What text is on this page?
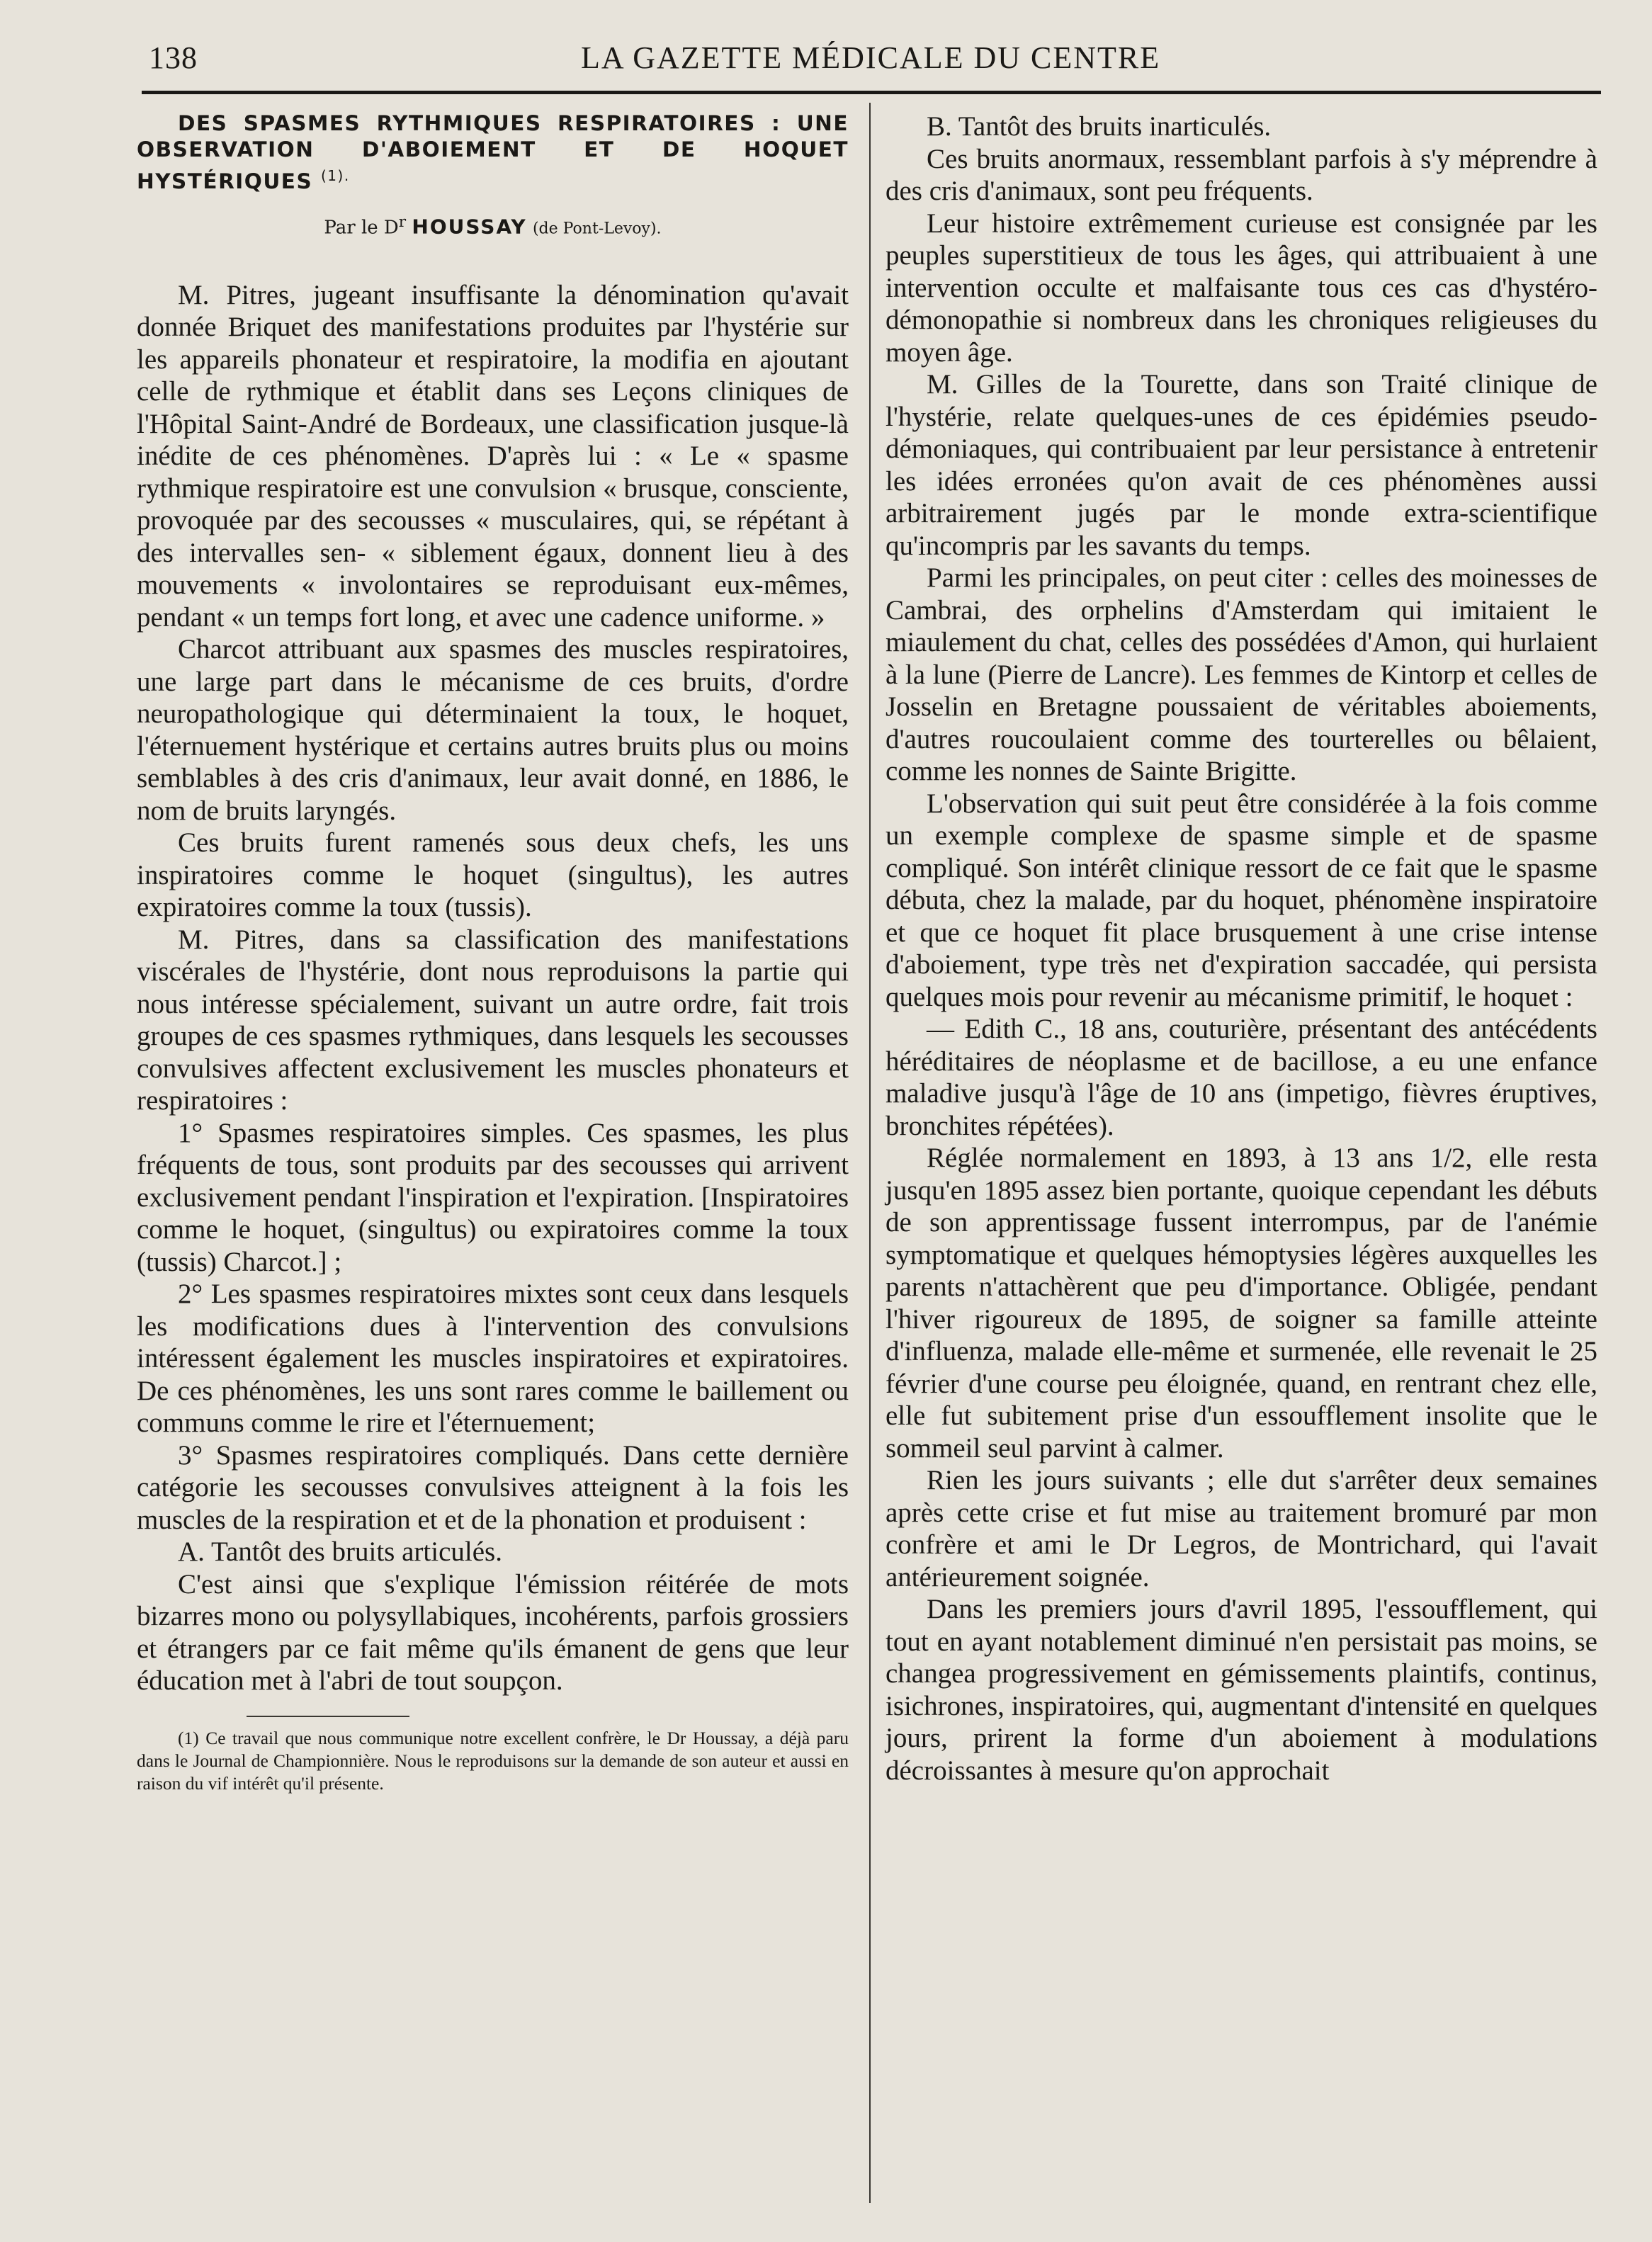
138	LA GAZETTE MÉDICALE DU CENTRE

DES SPASMES RYTHMIQUES RESPIRATOIRES : UNE OBSERVATION D'ABOIEMENT ET DE HOQUET HYSTÉRIQUES $^{(1).}$

Par le $D^r$ HOUSSAY (de Pont-Levoy).

M. Pitres, jugeant insuffisante la dénomination qu'avait donnée Briquet des manifestations produites par l'hystérie sur les appareils phonateur et respiratoire, la modifia en ajoutant celle de rythmique et établit dans ses Leçons cliniques de l'Hôpital Saint-André de Bordeaux, une classification jusque-là inédite de ces phénomènes. D'après lui : « Le « spasme rythmique respiratoire est une convulsion « brusque, consciente, provoquée par des secousses « musculaires, qui, se répétant à des intervalles sen- « siblement égaux, donnent lieu à des mouvements « involontaires se reproduisant eux-mêmes, pendant « un temps fort long, et avec une cadence uniforme. »

Charcot attribuant aux spasmes des muscles respiratoires, une large part dans le mécanisme de ces bruits, d'ordre neuropathologique qui déterminaient la toux, le hoquet, l'éternuement hystérique et certains autres bruits plus ou moins semblables à des cris d'animaux, leur avait donné, en 1886, le nom de bruits laryngés.

Ces bruits furent ramenés sous deux chefs, les uns inspiratoires comme le hoquet (singultus), les autres expiratoires comme la toux (tussis).

M. Pitres, dans sa classification des manifestations viscérales de l'hystérie, dont nous reproduisons la partie qui nous intéresse spécialement, suivant un autre ordre, fait trois groupes de ces spasmes rythmiques, dans lesquels les secousses convulsives affectent exclusivement les muscles phonateurs et respiratoires :

1° Spasmes respiratoires simples. Ces spasmes, les plus fréquents de tous, sont produits par des secousses qui arrivent exclusivement pendant l'inspiration et l'expiration. [Inspiratoires comme le hoquet, (singultus) ou expiratoires comme la toux (tussis) Charcot.] ;

2° Les spasmes respiratoires mixtes sont ceux dans lesquels les modifications dues à l'intervention des convulsions intéressent également les muscles inspiratoires et expiratoires. De ces phénomènes, les uns sont rares comme le baillement ou communs comme le rire et l'éternuement;

3° Spasmes respiratoires compliqués. Dans cette dernière catégorie les secousses convulsives atteignent à la fois les muscles de la respiration et et de la phonation et produisent :

A. Tantôt des bruits articulés.

C'est ainsi que s'explique l'émission réitérée de mots bizarres mono ou polysyllabiques, incohérents, parfois grossiers et étrangers par ce fait même qu'ils émanent de gens que leur éducation met à l'abri de tout soupçon.

(1) Ce travail que nous communique notre excellent confrère, le Dr Houssay, a déjà paru dans le Journal de Championnière. Nous le reproduisons sur la demande de son auteur et aussi en raison du vif intérêt qu'il présente.

B. Tantôt des bruits inarticulés.

Ces bruits anormaux, ressemblant parfois à s'y méprendre à des cris d'animaux, sont peu fréquents.

Leur histoire extrêmement curieuse est consignée par les peuples superstitieux de tous les âges, qui attribuaient à une intervention occulte et malfaisante tous ces cas d'hystéro-démonopathie si nombreux dans les chroniques religieuses du moyen âge.

M. Gilles de la Tourette, dans son Traité clinique de l'hystérie, relate quelques-unes de ces épidémies pseudo-démoniaques, qui contribuaient par leur persistance à entretenir les idées erronées qu'on avait de ces phénomènes aussi arbitrairement jugés par le monde extra-scientifique qu'incompris par les savants du temps.

Parmi les principales, on peut citer : celles des moinesses de Cambrai, des orphelins d'Amsterdam qui imitaient le miaulement du chat, celles des possédées d'Amon, qui hurlaient à la lune (Pierre de Lancre). Les femmes de Kintorp et celles de Josselin en Bretagne poussaient de véritables aboiements, d'autres roucoulaient comme des tourterelles ou bêlaient, comme les nonnes de Sainte Brigitte.

L'observation qui suit peut être considérée à la fois comme un exemple complexe de spasme simple et de spasme compliqué. Son intérêt clinique ressort de ce fait que le spasme débuta, chez la malade, par du hoquet, phénomène inspiratoire et que ce hoquet fit place brusquement à une crise intense d'aboiement, type très net d'expiration saccadée, qui persista quelques mois pour revenir au mécanisme primitif, le hoquet :

— Edith C., 18 ans, couturière, présentant des antécédents héréditaires de néoplasme et de bacillose, a eu une enfance maladive jusqu'à l'âge de 10 ans (impetigo, fièvres éruptives, bronchites répétées).

Réglée normalement en 1893, à 13 ans 1/2, elle resta jusqu'en 1895 assez bien portante, quoique cependant les débuts de son apprentissage fussent interrompus, par de l'anémie symptomatique et quelques hémoptysies légères auxquelles les parents n'attachèrent que peu d'importance. Obligée, pendant l'hiver rigoureux de 1895, de soigner sa famille atteinte d'influenza, malade elle-même et surmenée, elle revenait le 25 février d'une course peu éloignée, quand, en rentrant chez elle, elle fut subitement prise d'un essoufflement insolite que le sommeil seul parvint à calmer.

Rien les jours suivants ; elle dut s'arrêter deux semaines après cette crise et fut mise au traitement bromuré par mon confrère et ami le Dr Legros, de Montrichard, qui l'avait antérieurement soignée.

Dans les premiers jours d'avril 1895, l'essoufflement, qui tout en ayant notablement diminué n'en persistait pas moins, se changea progressivement en gémissements plaintifs, continus, isichrones, inspiratoires, qui, augmentant d'intensité en quelques jours, prirent la forme d'un aboiement à modulations décroissantes à mesure qu'on approchait
